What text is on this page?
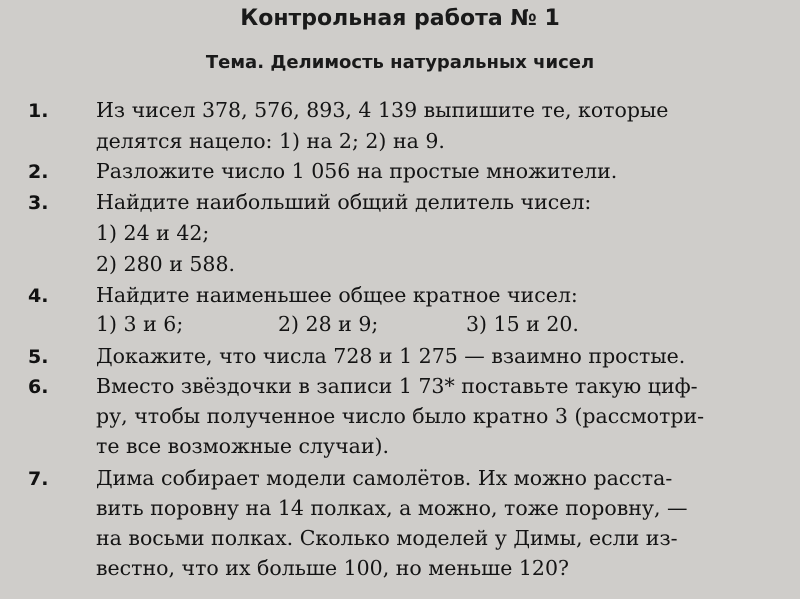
Контрольная работа № 1
Тема. Делимость натуральных чисел
1. Из чисел 378, 576, 893, 4 139 выпишите те, которые
делятся нацело: 1) на 2; 2) на 9.
2. Разложите число 1 056 на простые множители.
3. Найдите наибольший общий делитель чисел:
1) 24 и 42;
2) 280 и 588.
4. Найдите наименьшее общее кратное чисел:
1) 3 и 6;	2) 28 и 9;	3) 15 и 20.
5. Докажите, что числа 728 и 1 275 — взаимно простые.
6. Вместо звёздочки в записи 1 73* поставьте такую циф-
ру, чтобы полученное число было кратно 3 (рассмотри-
те все возможные случаи).
7. Дима собирает модели самолётов. Их можно расста-
вить поровну на 14 полках, а можно, тоже поровну, —
на восьми полках. Сколько моделей у Димы, если из-
вестно, что их больше 100, но меньше 120?
